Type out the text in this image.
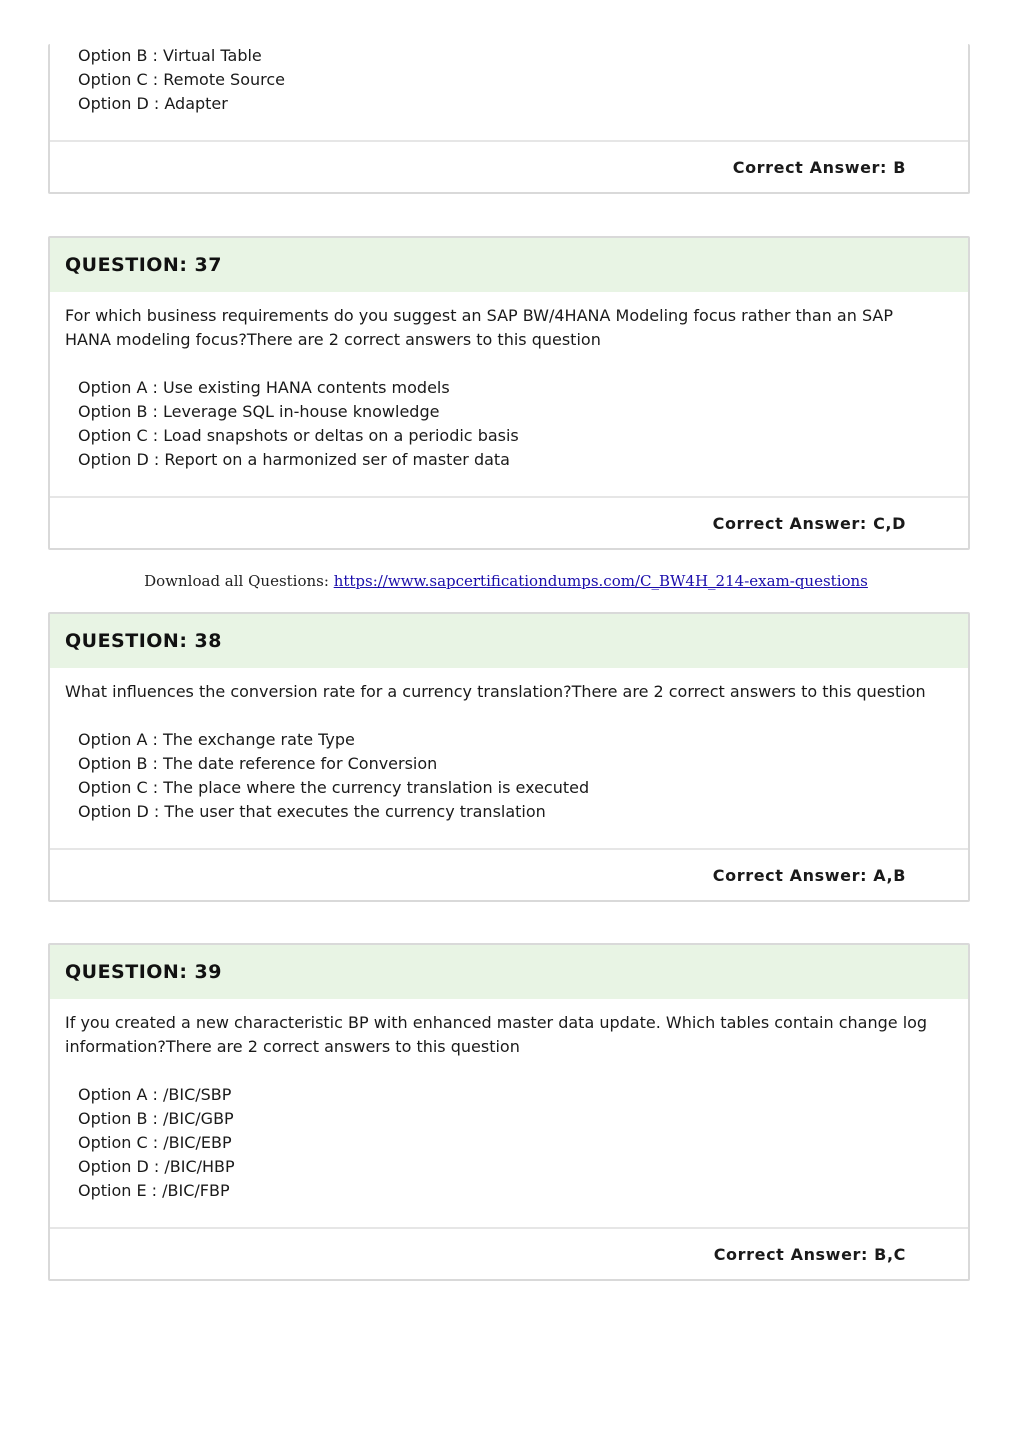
Option B : Virtual Table
Option C : Remote Source
Option D : Adapter
Correct Answer: B
QUESTION: 37

For which business requirements do you suggest an SAP BW/4HANA Modeling focus rather than an SAP HANA modeling focus?There are 2 correct answers to this question

Option A : Use existing HANA contents models
Option B : Leverage SQL in-house knowledge
Option C : Load snapshots or deltas on a periodic basis
Option D : Report on a harmonized ser of master data
Correct Answer: C,D
Download all Questions: https://www.sapcertificationdumps.com/C_BW4H_214-exam-questions
QUESTION: 38

What influences the conversion rate for a currency translation?There are 2 correct answers to this question

Option A : The exchange rate Type
Option B : The date reference for Conversion
Option C : The place where the currency translation is executed
Option D : The user that executes the currency translation
Correct Answer: A,B
QUESTION: 39

If you created a new characteristic BP with enhanced master data update. Which tables contain change log information?There are 2 correct answers to this question

Option A : /BIC/SBP
Option B : /BIC/GBP
Option C : /BIC/EBP
Option D : /BIC/HBP
Option E : /BIC/FBP
Correct Answer: B,C
